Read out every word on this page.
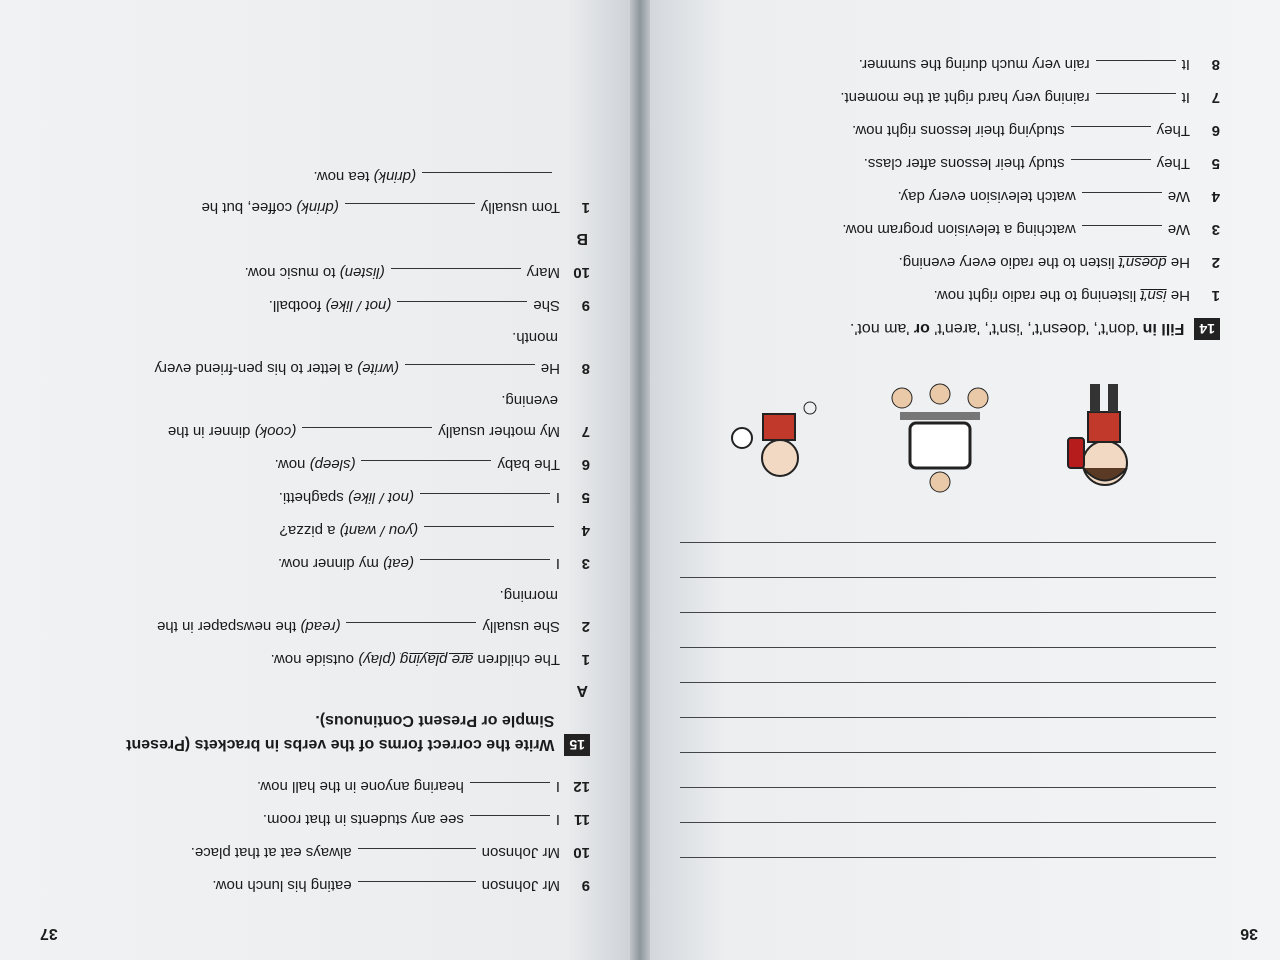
36
14
Fill in 'don't', 'doesn't', 'isn't', 'aren't' or 'am not'.
1
He

isn't

listening to the radio right now.
2
He

doesn't

listen to the radio every evening.
3
We
watching a television program now.
4
We
watch television every day.
5
They
study their lessons after class.
6
They
studying their lessons right now.
7
It
raining very hard right at the moment.
8
It
rain very much during the summer.
37
9
Mr Johnson
eating his lunch now.
10
Mr Johnson
always eat at that place.
11
I
see any students in that room.
12
I
hearing anyone in the hall now.
15
Write the correct forms of the verbs in brackets (Present Simple or Present Continuous).
A
1
The children

are playing

(play)

outside now.
2
She usually
(read)

the newspaper in the
morning.
3
I
(eat)

my dinner now.
4
(you / want)

a pizza?
5
I
(not / like)

spaghetti.
6
The baby
(sleep)

now.
7
My mother usually
(cook)

dinner in the
evening.
8
He
(write)

a letter to his pen-friend every
month.
9
She
(not / like)

football.
10
Mary
(listen)

to music now.
B
1
Tom usually
(drink)

coffee, but he
(drink) tea now.
